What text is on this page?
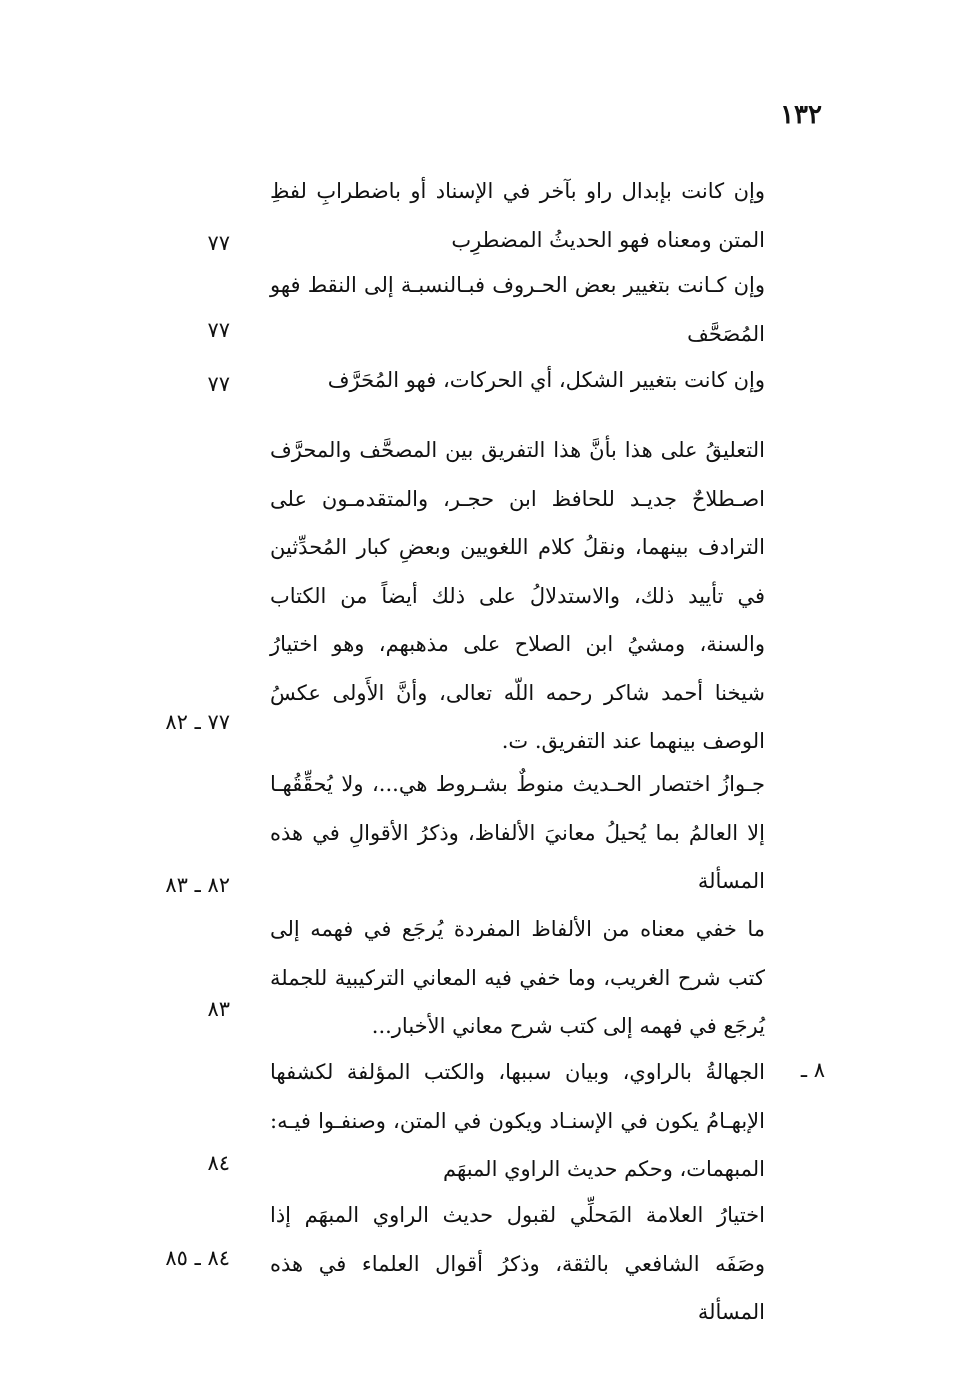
١٣٢
وإن كانت بإبدال راو بآخر في الإسناد أو باضطرابِ لفظِ المتن ومعناه فهو الحديثُ المضطرِب
٧٧
وإن كـانت بتغيير بعض الحـروف فبـالنسبـة إلى النقط فهو المُصَحَّف
٧٧
وإن كانت بتغيير الشكل، أي الحركات، فهو المُحَرَّف
٧٧
التعليقُ على هذا بأنَّ هذا التفريق بين المصحَّف والمحرَّف اصـطلاحٌ جديـد للحافظ ابن حجـر، والمتقدمـون على الترادف بينهما، ونقلُ كلام اللغويين وبعضِ كبار المُحدِّثين في تأييد ذلك، والاستدلالُ على ذلك أيضاً من الكتاب والسنة، ومشيُ ابن الصلاح على مذهبهم، وهو اختيارُ شيخنا أحمد شاكر رحمه اللّه تعالى، وأنَّ الأَولى عكسُ الوصف بينهما عند التفريق. ت.
٧٧ ـ ٨٢
جـوازُ اختصار الحـديث منوطٌ بشـروط هي...، ولا يُحقِّقُهـا إلا العالمُ بما يُحيلُ معانيَ الألفاظ، وذكرُ الأقوالِ في هذه المسألة
٨٢ ـ ٨٣
ما خفي معناه من الألفاظ المفردة يُرجَع في فهمه إلى كتب شرح الغريب، وما خفي فيه المعاني التركيبية للجملة يُرجَع في فهمه إلى كتب شرح معاني الأخبار...
٨٣
٨ ـ
الجهالةُ بالراوي، وبيان سببها، والكتب المؤلفة لكشفها الإبهـامُ يكون في الإسنـاد ويكون في المتن، وصنفـوا فيـه: المبهمات، وحكم حديث الراوي المبهَم
٨٤
اختيارُ العلامة المَحلِّي لقبول حديث الراوي المبهَم إذا وصَفَه الشافعي بالثقة، وذكرُ أقوال العلماء في هذه المسألة
٨٤ ـ ٨٥
